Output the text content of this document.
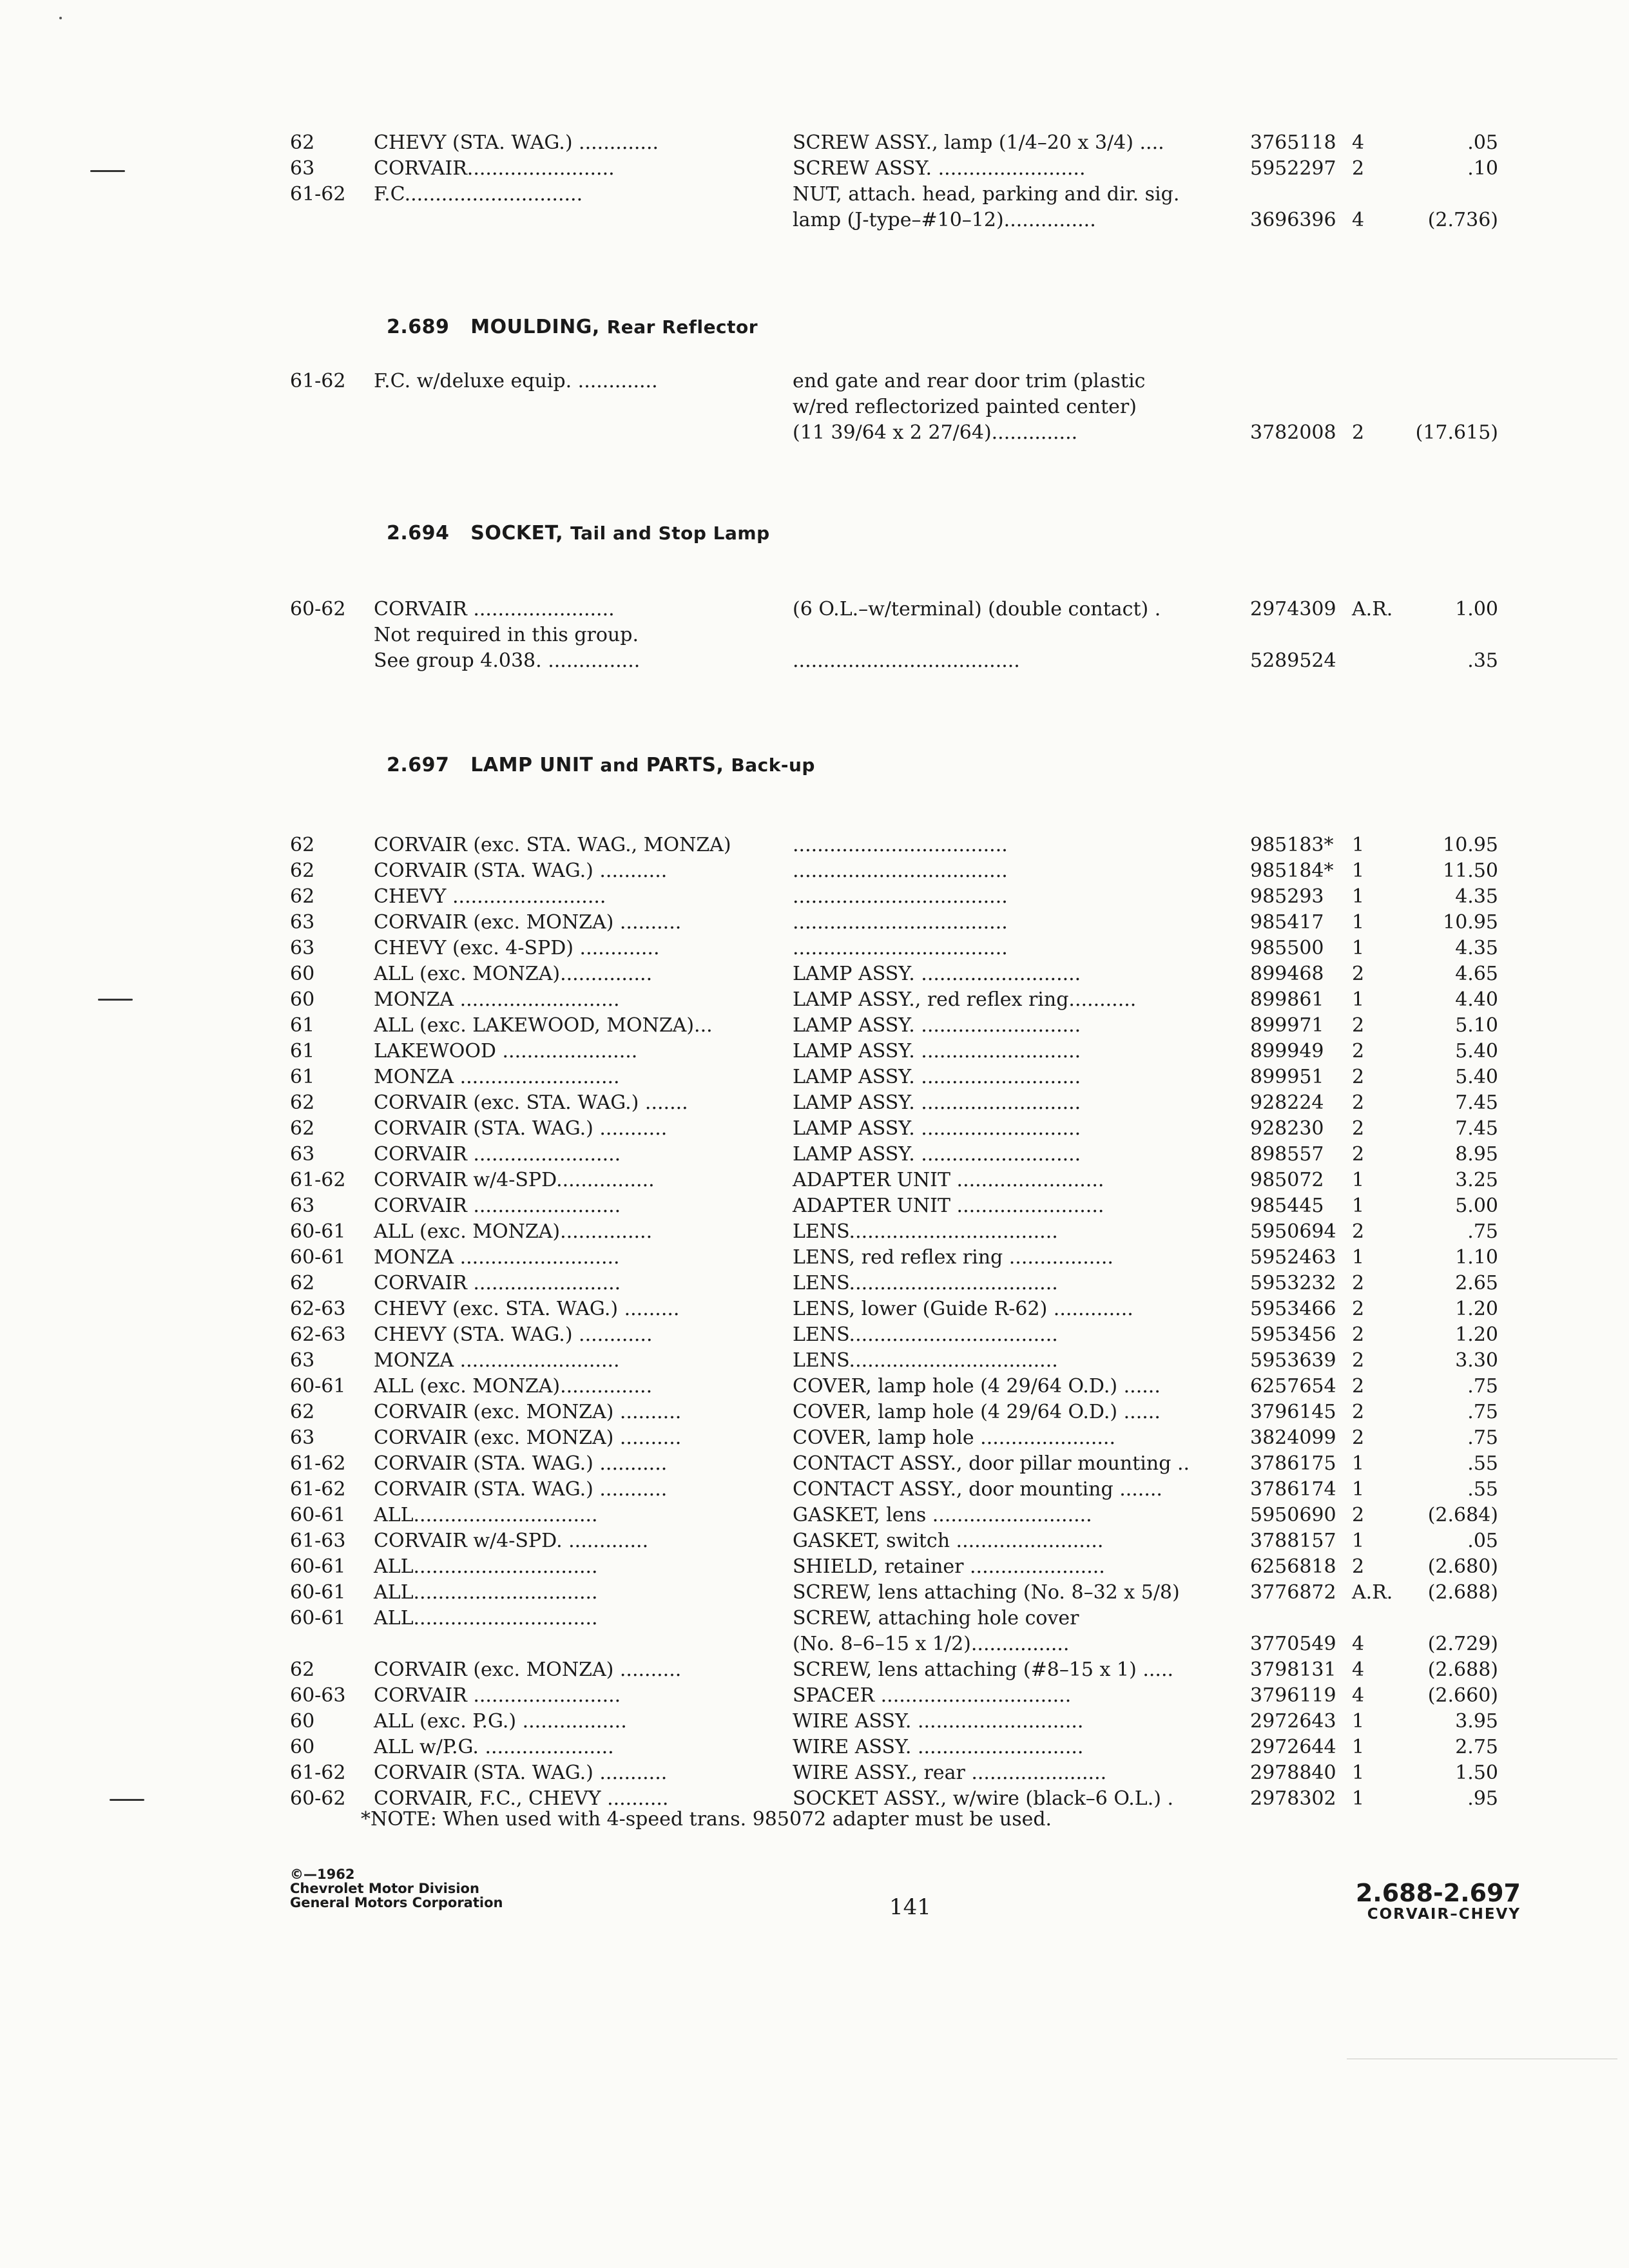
62	CHEVY (STA. WAG.) .............	SCREW ASSY., lamp (1/4–20 x 3/4) ....	3765118 4	.05
63	CORVAIR........................	SCREW ASSY. ........................	5952297 2	.10
61-62 F.C.............................	NUT, attach. head, parking and dir. sig.
lamp (J-type–#10–12)...............	3696396 4	(2.736)
2.689 MOULDING, Rear Reflector
61-62 F.C. w/deluxe equip. .............	end gate and rear door trim (plastic
w/red reflectorized painted center)
(11 39/64 x 2 27/64)..............	3782008 2	(17.615)
2.694 SOCKET, Tail and Stop Lamp
60-62 CORVAIR .......................	(6 O.L.–w/terminal) (double contact) .	2974309 A.R.	1.00
Not required in this group.
See group 4.038. ...............	.....................................	5289524	.35
2.697 LAMP UNIT and PARTS, Back-up
62	CORVAIR (exc. STA. WAG., MONZA)	...................................	985183* 1	10.95
62	CORVAIR (STA. WAG.) ...........	...................................	985184* 1	11.50
62	CHEVY .........................	...................................	985293 1	4.35
63	CORVAIR (exc. MONZA) ..........	...................................	985417 1	10.95
63	CHEVY (exc. 4-SPD) .............	...................................	985500 1	4.35
60	ALL (exc. MONZA)...............	LAMP ASSY. ..........................	899468 2	4.65
60	MONZA ..........................	LAMP ASSY., red reflex ring...........	899861 1	4.40
61	ALL (exc. LAKEWOOD, MONZA)...	LAMP ASSY. ..........................	899971 2	5.10
61	LAKEWOOD ......................	LAMP ASSY. ..........................	899949 2	5.40
61	MONZA ..........................	LAMP ASSY. ..........................	899951 2	5.40
62	CORVAIR (exc. STA. WAG.) .......	LAMP ASSY. ..........................	928224 2	7.45
62	CORVAIR (STA. WAG.) ...........	LAMP ASSY. ..........................	928230 2	7.45
63	CORVAIR ........................	LAMP ASSY. ..........................	898557 2	8.95
61-62 CORVAIR w/4-SPD................	ADAPTER UNIT ........................	985072 1	3.25
63	CORVAIR ........................	ADAPTER UNIT ........................	985445 1	5.00
60-61 ALL (exc. MONZA)...............	LENS..................................	5950694 2	.75
60-61 MONZA ..........................	LENS, red reflex ring .................	5952463 1	1.10
62	CORVAIR ........................	LENS..................................	5953232 2	2.65
62-63 CHEVY (exc. STA. WAG.) .........	LENS, lower (Guide R-62) .............	5953466 2	1.20
62-63 CHEVY (STA. WAG.) ............	LENS..................................	5953456 2	1.20
63	MONZA ..........................	LENS..................................	5953639 2	3.30
60-61 ALL (exc. MONZA)...............	COVER, lamp hole (4 29/64 O.D.) ......	6257654 2	.75
62	CORVAIR (exc. MONZA) ..........	COVER, lamp hole (4 29/64 O.D.) ......	3796145 2	.75
63	CORVAIR (exc. MONZA) ..........	COVER, lamp hole ......................	3824099 2	.75
61-62 CORVAIR (STA. WAG.) ...........	CONTACT ASSY., door pillar mounting ..	3786175 1	.55
61-62 CORVAIR (STA. WAG.) ...........	CONTACT ASSY., door mounting .......	3786174 1	.55
60-61 ALL..............................	GASKET, lens ..........................	5950690 2	(2.684)
61-63 CORVAIR w/4-SPD. .............	GASKET, switch ........................	3788157 1	.05
60-61 ALL..............................	SHIELD, retainer ......................	6256818 2	(2.680)
60-61 ALL..............................	SCREW, lens attaching (No. 8–32 x 5/8)	3776872 A.R.	(2.688)
60-61 ALL..............................	SCREW, attaching hole cover
(No. 8–6–15 x 1/2)................	3770549 4	(2.729)
62	CORVAIR (exc. MONZA) ..........	SCREW, lens attaching (#8–15 x 1) .....	3798131 4	(2.688)
60-63 CORVAIR ........................	SPACER ...............................	3796119 4	(2.660)
60	ALL (exc. P.G.) .................	WIRE ASSY. ...........................	2972643 1	3.95
60	ALL w/P.G. .....................	WIRE ASSY. ...........................	2972644 1	2.75
61-62 CORVAIR (STA. WAG.) ...........	WIRE ASSY., rear ......................	2978840 1	1.50
60-62 CORVAIR, F.C., CHEVY ..........	SOCKET ASSY., w/wire (black–6 O.L.) .	2978302 1	.95
*NOTE: When used with 4-speed trans. 985072 adapter must be used.
©—1962
Chevrolet Motor Division
General Motors Corporation	141	2.688-2.697
CORVAIR–CHEVY
